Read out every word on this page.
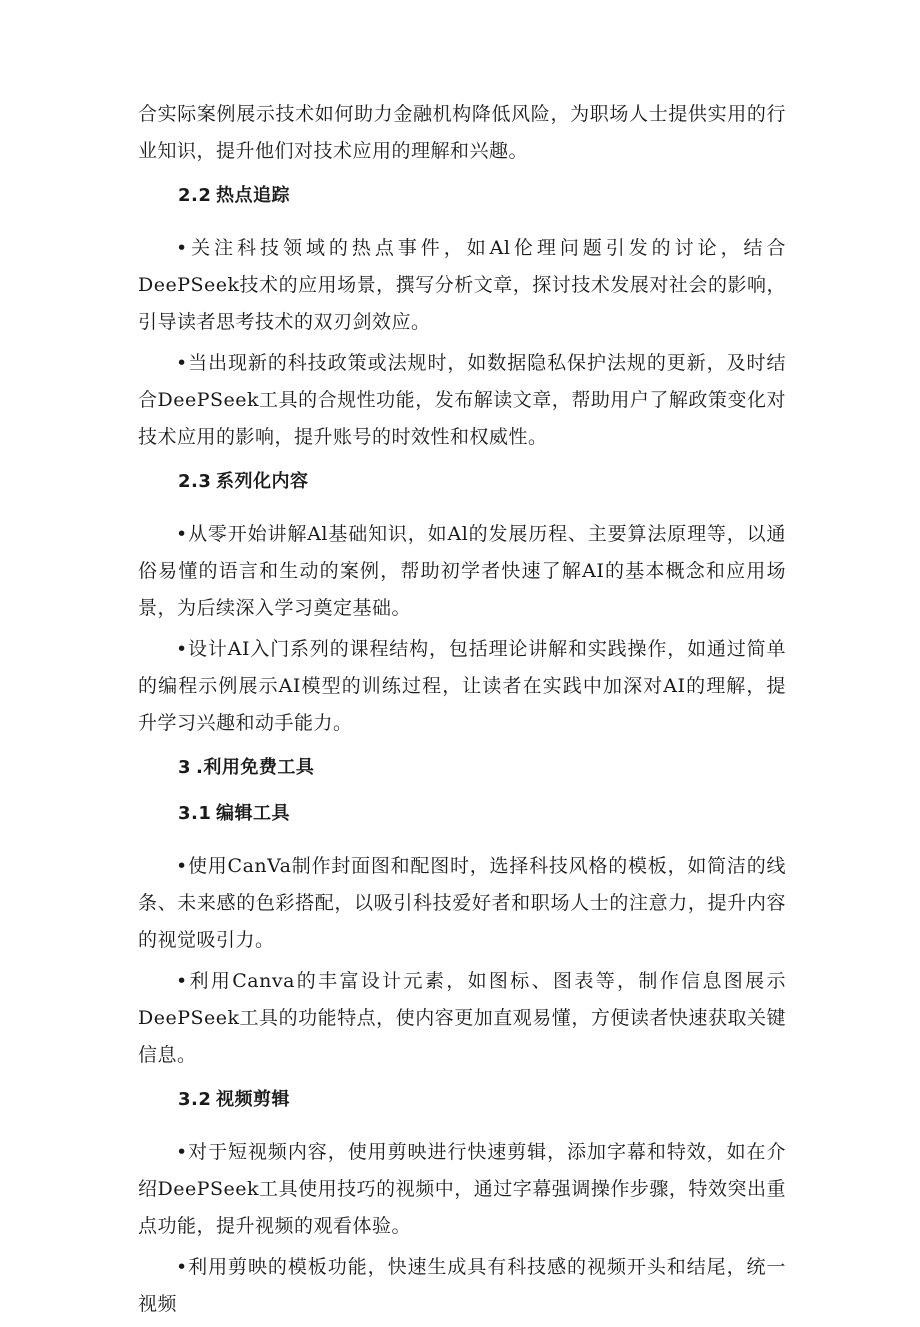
合实际案例展示技术如何助力金融机构降低风险，为职场人士提供实用的行业知识，提升他们对技术应用的理解和兴趣。

2.2 热点追踪

•关注科技领域的热点事件，如Al伦理问题引发的讨论，结合DeePSeek技术的应用场景，撰写分析文章，探讨技术发展对社会的影响，引导读者思考技术的双刃剑效应。

•当出现新的科技政策或法规时，如数据隐私保护法规的更新，及时结合DeePSeek工具的合规性功能，发布解读文章，帮助用户了解政策变化对技术应用的影响，提升账号的时效性和权威性。

2.3 系列化内容

•从零开始讲解Al基础知识，如Al的发展历程、主要算法原理等，以通俗易懂的语言和生动的案例，帮助初学者快速了解AI的基本概念和应用场景，为后续深入学习奠定基础。

•设计AI入门系列的课程结构，包括理论讲解和实践操作，如通过简单的编程示例展示AI模型的训练过程，让读者在实践中加深对AI的理解，提升学习兴趣和动手能力。

3 .利用免费工具
3.1 编辑工具

•使用CanVa制作封面图和配图时，选择科技风格的模板，如简洁的线条、未来感的色彩搭配，以吸引科技爱好者和职场人士的注意力，提升内容的视觉吸引力。

•利用Canva的丰富设计元素，如图标、图表等，制作信息图展示DeePSeek工具的功能特点，使内容更加直观易懂，方便读者快速获取关键信息。

3.2 视频剪辑

•对于短视频内容，使用剪映进行快速剪辑，添加字幕和特效，如在介绍DeePSeek工具使用技巧的视频中，通过字幕强调操作步骤，特效突出重点功能，提升视频的观看体验。

•利用剪映的模板功能，快速生成具有科技感的视频开头和结尾，统一视频
